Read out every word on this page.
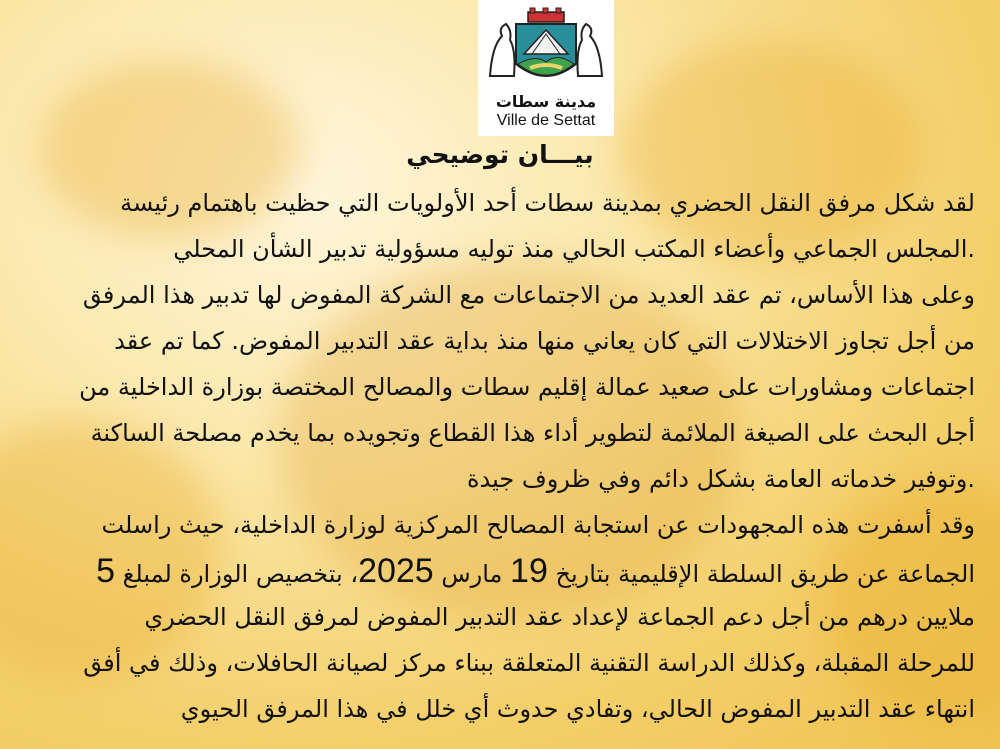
مدينة سطات
Ville de Settat
بيـــان توضيحي
لقد شكل مرفق النقل الحضري بمدينة سطات أحد الأولويات التي حظيت باهتمام رئيسة
.المجلس الجماعي وأعضاء المكتب الحالي منذ توليه مسؤولية تدبير الشأن المحلي
وعلى هذا الأساس، تم عقد العديد من الاجتماعات مع الشركة المفوض لها تدبير هذا المرفق
من أجل تجاوز الاختلالات التي كان يعاني منها منذ بداية عقد التدبير المفوض. كما تم عقد
اجتماعات ومشاورات على صعيد عمالة إقليم سطات والمصالح المختصة بوزارة الداخلية من
أجل البحث على الصيغة الملائمة لتطوير أداء هذا القطاع وتجويده بما يخدم مصلحة الساكنة
.وتوفير خدماته العامة بشكل دائم وفي ظروف جيدة
وقد أسفرت هذه المجهودات عن استجابة المصالح المركزية لوزارة الداخلية، حيث راسلت
الجماعة عن طريق السلطة الإقليمية بتاريخ 19 مارس 2025، بتخصيص الوزارة لمبلغ 5
ملايين درهم من أجل دعم الجماعة لإعداد عقد التدبير المفوض لمرفق النقل الحضري
للمرحلة المقبلة، وكذلك الدراسة التقنية المتعلقة ببناء مركز لصيانة الحافلات، وذلك في أفق
انتهاء عقد التدبير المفوض الحالي، وتفادي حدوث أي خلل في هذا المرفق الحيوي
